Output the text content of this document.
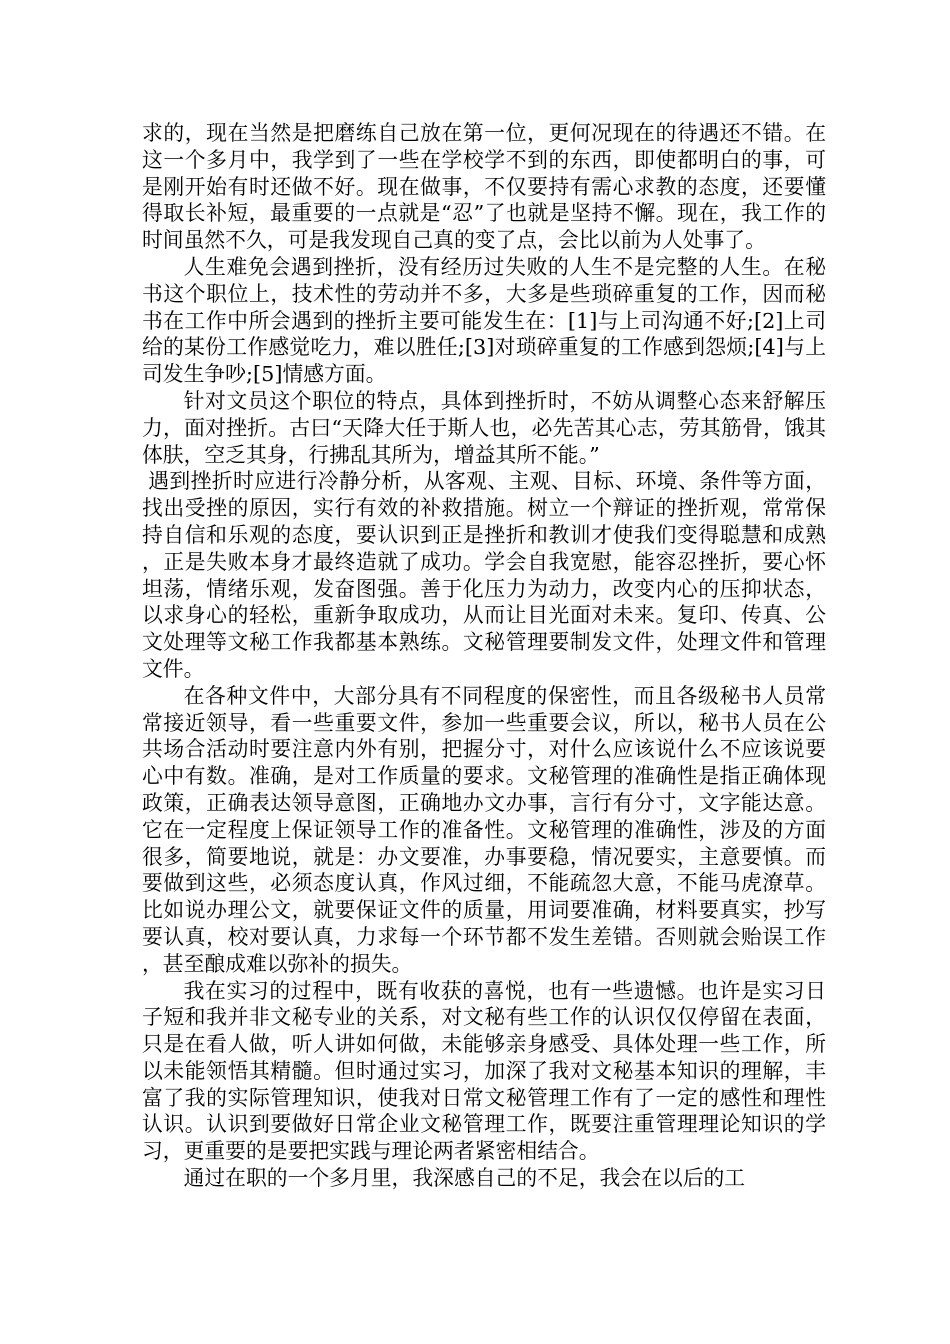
求的，现在当然是把磨练自己放在第一位，更何况现在的待遇还不错。在这一个多月中，我学到了一些在学校学不到的东西，即使都明白的事，可是刚开始有时还做不好。现在做事，不仅要持有需心求教的态度，还要懂得取长补短，最重要的一点就是“忍”了也就是坚持不懈。现在，我工作的时间虽然不久，可是我发现自己真的变了点，会比以前为人处事了。

人生难免会遇到挫折，没有经历过失败的人生不是完整的人生。在秘书这个职位上，技术性的劳动并不多，大多是些琐碎重复的工作，因而秘书在工作中所会遇到的挫折主要可能发生在：[1]与上司沟通不好;[2]上司给的某份工作感觉吃力，难以胜任;[3]对琐碎重复的工作感到怨烦;[4]与上司发生争吵;[5]情感方面。

针对文员这个职位的特点，具体到挫折时，不妨从调整心态来舒解压力，面对挫折。古曰“天降大任于斯人也，必先苦其心志，劳其筋骨，饿其体肤，空乏其身，行拂乱其所为，增益其所不能。”

遇到挫折时应进行冷静分析，从客观、主观、目标、环境、条件等方面，找出受挫的原因，实行有效的补救措施。树立一个辩证的挫折观，常常保持自信和乐观的态度，要认识到正是挫折和教训才使我们变得聪慧和成熟，正是失败本身才最终造就了成功。学会自我宽慰，能容忍挫折，要心怀坦荡，情绪乐观，发奋图强。善于化压力为动力，改变内心的压抑状态，以求身心的轻松，重新争取成功，从而让目光面对未来。复印、传真、公文处理等文秘工作我都基本熟练。文秘管理要制发文件，处理文件和管理文件。

在各种文件中，大部分具有不同程度的保密性，而且各级秘书人员常常接近领导，看一些重要文件，参加一些重要会议，所以，秘书人员在公共场合活动时要注意内外有别，把握分寸，对什么应该说什么不应该说要心中有数。准确，是对工作质量的要求。文秘管理的准确性是指正确体现政策，正确表达领导意图，正确地办文办事，言行有分寸，文字能达意。它在一定程度上保证领导工作的准备性。文秘管理的准确性，涉及的方面很多，简要地说，就是：办文要准，办事要稳，情况要实，主意要慎。而要做到这些，必须态度认真，作风过细，不能疏忽大意，不能马虎潦草。比如说办理公文，就要保证文件的质量，用词要准确，材料要真实，抄写要认真，校对要认真，力求每一个环节都不发生差错。否则就会贻误工作，甚至酿成难以弥补的损失。

我在实习的过程中，既有收获的喜悦，也有一些遗憾。也许是实习日子短和我并非文秘专业的关系，对文秘有些工作的认识仅仅停留在表面，只是在看人做，听人讲如何做，未能够亲身感受、具体处理一些工作，所以未能领悟其精髓。但时通过实习，加深了我对文秘基本知识的理解，丰富了我的实际管理知识，使我对日常文秘管理工作有了一定的感性和理性认识。认识到要做好日常企业文秘管理工作，既要注重管理理论知识的学习，更重要的是要把实践与理论两者紧密相结合。

通过在职的一个多月里，我深感自己的不足，我会在以后的工
